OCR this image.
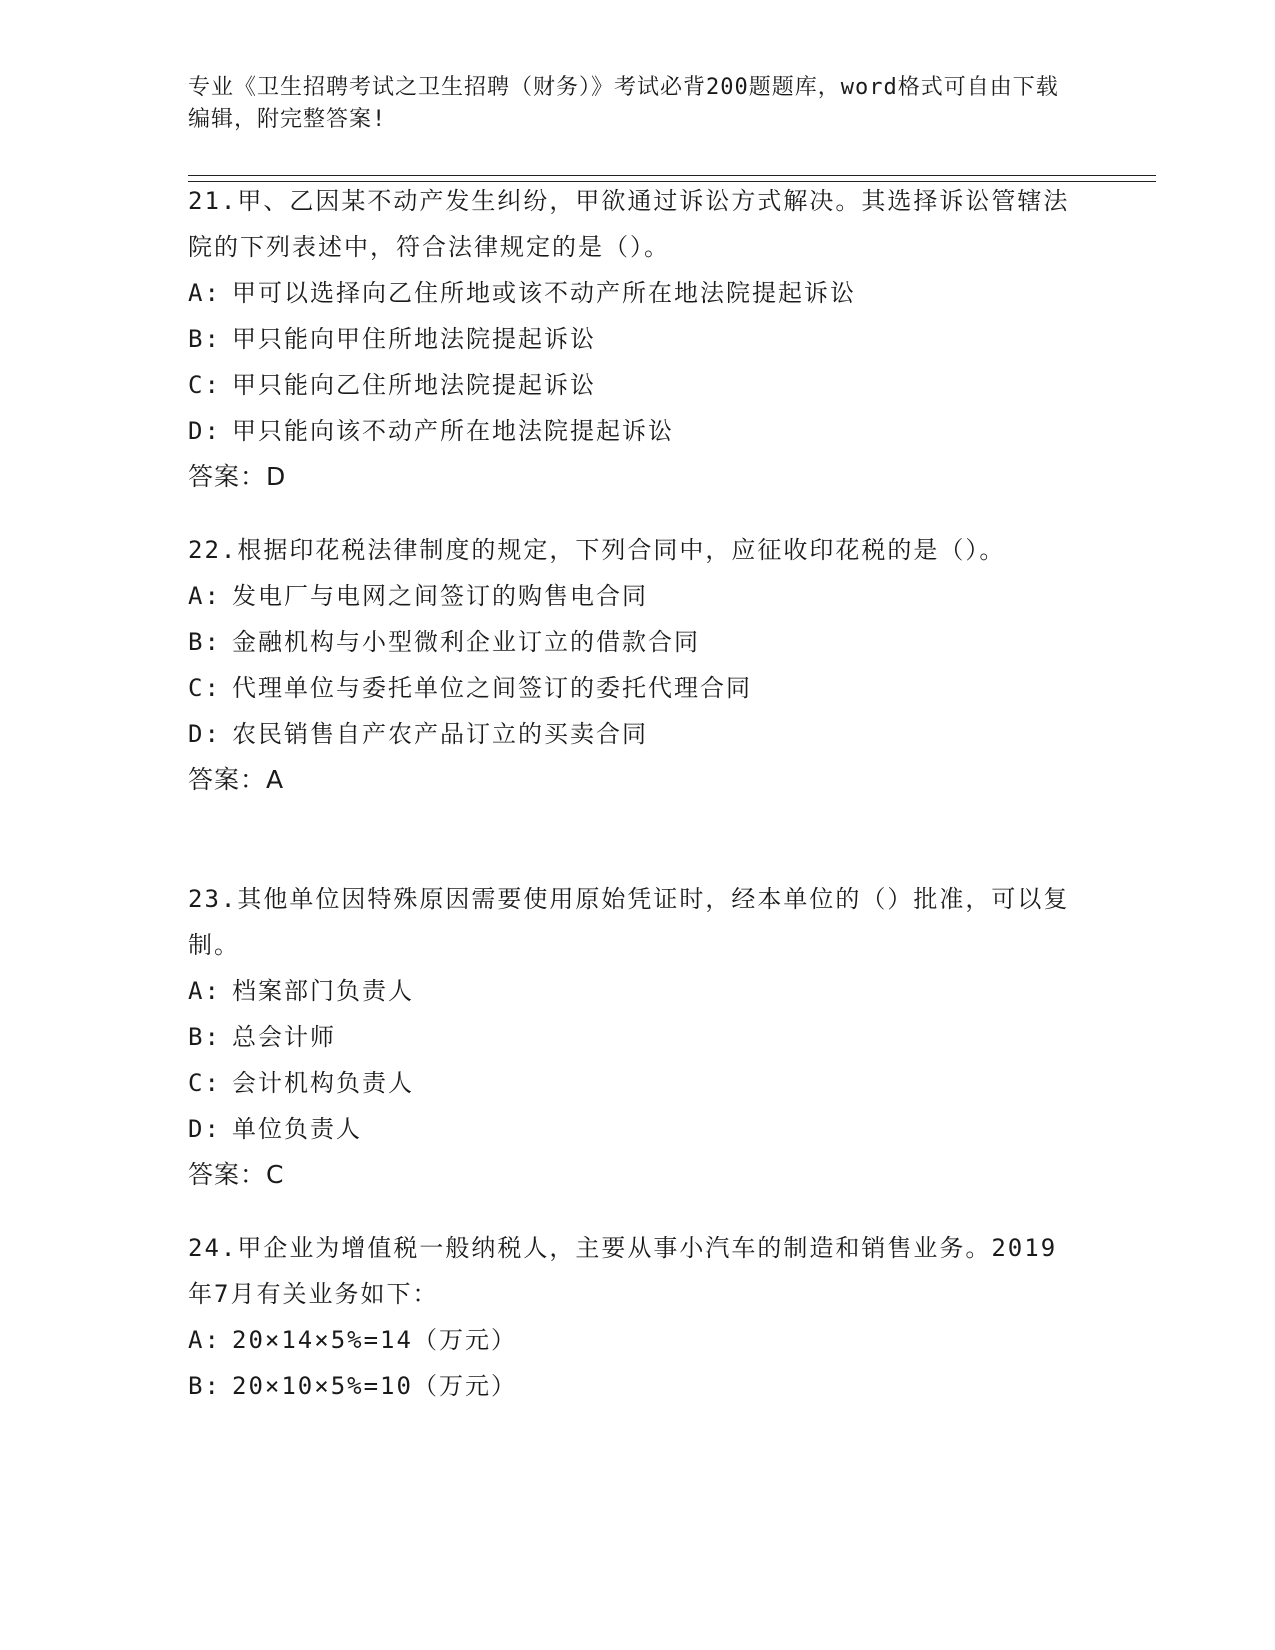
专业《卫生招聘考试之卫生招聘（财务）》考试必背200题题库，word格式可自由下载编辑，附完整答案!

21.甲、乙因某不动产发生纠纷，甲欲通过诉讼方式解决。其选择诉讼管辖法院的下列表述中，符合法律规定的是（）。

A: 甲可以选择向乙住所地或该不动产所在地法院提起诉讼

B: 甲只能向甲住所地法院提起诉讼

C: 甲只能向乙住所地法院提起诉讼

D: 甲只能向该不动产所在地法院提起诉讼

答案：D

22.根据印花税法律制度的规定，下列合同中，应征收印花税的是（）。

A: 发电厂与电网之间签订的购售电合同

B: 金融机构与小型微利企业订立的借款合同

C: 代理单位与委托单位之间签订的委托代理合同

D: 农民销售自产农产品订立的买卖合同

答案：A

23.其他单位因特殊原因需要使用原始凭证时，经本单位的（）批准，可以复制。

A: 档案部门负责人

B: 总会计师

C: 会计机构负责人

D: 单位负责人

答案：C

24.甲企业为增值税一般纳税人，主要从事小汽车的制造和销售业务。2019年7月有关业务如下：

A: 20×14×5%=14（万元）

B: 20×10×5%=10（万元）
